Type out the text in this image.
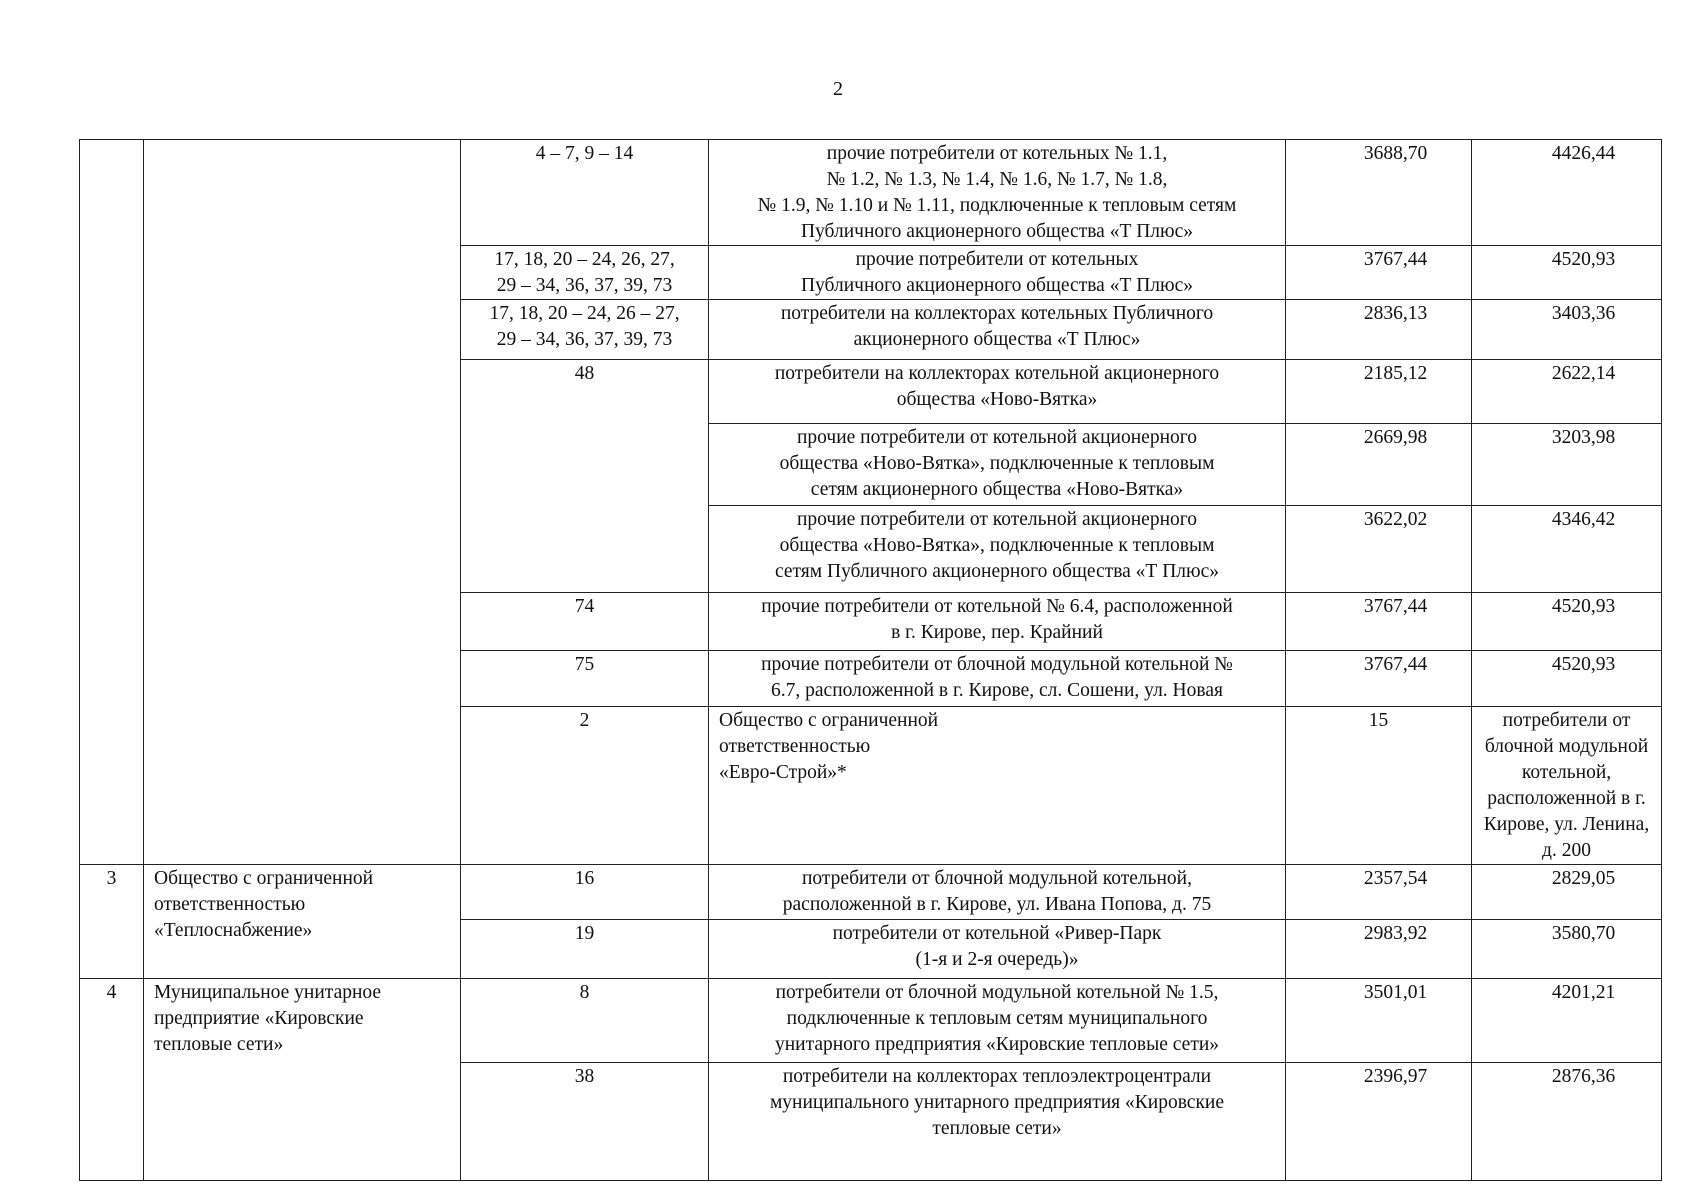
2
		4 – 7, 9 – 14	прочие потребители от котельных № 1.1,
№ 1.2, № 1.3, № 1.4, № 1.6, № 1.7, № 1.8,
№ 1.9, № 1.10 и № 1.11, подключенные к тепловым сетям
Публичного акционерного общества «Т Плюс»	3688,70	4426,44	
		17, 18, 20 – 24, 26, 27,
29 – 34, 36, 37, 39, 73	прочие потребители от котельных
Публичного акционерного общества «Т Плюс»	3767,44	4520,93	
		17, 18, 20 – 24, 26 – 27,
29 – 34, 36, 37, 39, 73	потребители на коллекторах котельных Публичного
акционерного общества «Т Плюс»	2836,13	3403,36	
		48	потребители на коллекторах котельной акционерного
общества «Ново-Вятка»	2185,12	2622,14	
			прочие потребители от котельной акционерного
общества «Ново-Вятка», подключенные к тепловым
сетям акционерного общества «Ново-Вятка»	2669,98	3203,98	
			прочие потребители от котельной акционерного
общества «Ново-Вятка», подключенные к тепловым
сетям Публичного акционерного общества «Т Плюс»	3622,02	4346,42	
		74	прочие потребители от котельной № 6.4, расположенной
в г. Кирове, пер. Крайний	3767,44	4520,93	
		75	прочие потребители от блочной модульной котельной №
6.7, расположенной в г. Кирове, сл. Сошени, ул. Новая	3767,44	4520,93	
		2	Общество с ограниченной
ответственностью
«Евро-Строй»*	15	потребители от блочной модульной
котельной, расположенной в г. Кирове, ул. Ленина, д. 200		
3	Общество с ограниченной
ответственностью
«Теплоснабжение»	16	потребители от блочной модульной котельной,
расположенной в г. Кирове, ул. Ивана Попова, д. 75	2357,54	2829,05	
		19	потребители от котельной «Ривер-Парк
(1-я и 2-я очередь)»	2983,92	3580,70	
4	Муниципальное унитарное
предприятие «Кировские
тепловые сети»	8	потребители от блочной модульной котельной № 1.5,
подключенные к тепловым сетям муниципального
унитарного предприятия «Кировские тепловые сети»	3501,01	4201,21	
		38	потребители на коллекторах теплоэлектроцентрали
муниципального унитарного предприятия «Кировские
тепловые сети»	2396,97	2876,36	
